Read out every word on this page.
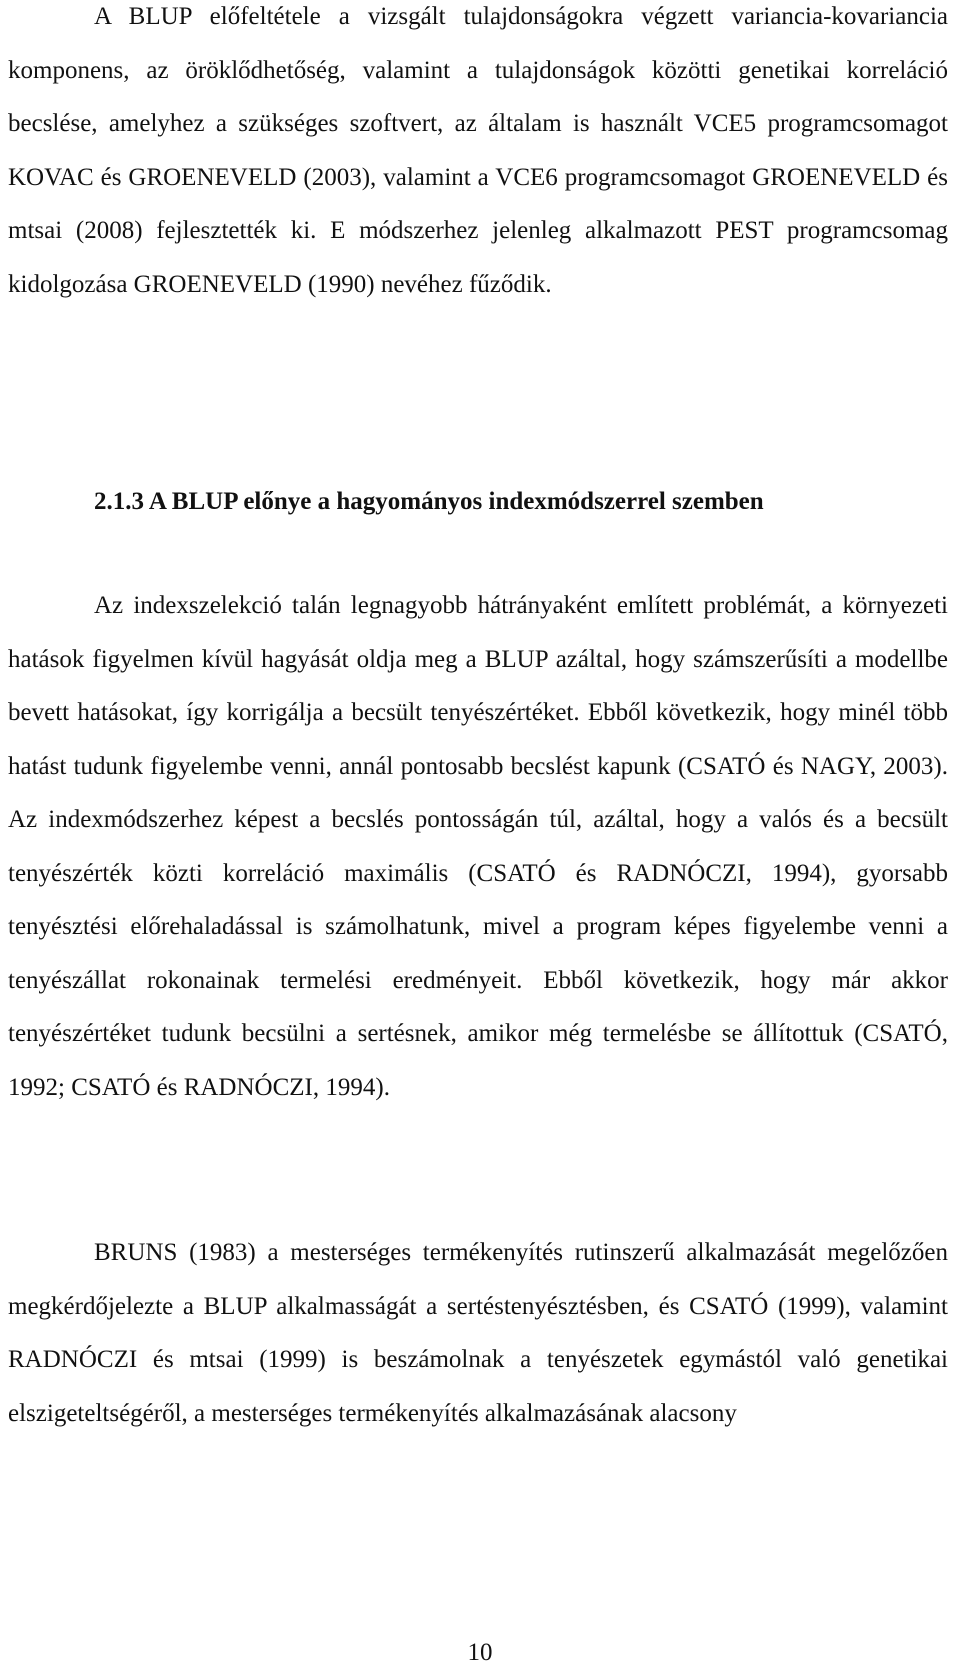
A BLUP előfeltétele a vizsgált tulajdonságokra végzett variancia-kovariancia komponens, az öröklődhetőség, valamint a tulajdonságok közötti genetikai korreláció becslése, amelyhez a szükséges szoftvert, az általam is használt VCE5 programcsomagot KOVAC és GROENEVELD (2003), valamint a VCE6 programcsomagot GROENEVELD és mtsai (2008) fejlesztették ki. E módszerhez jelenleg alkalmazott PEST programcsomag kidolgozása GROENEVELD (1990) nevéhez fűződik.

2.1.3 A BLUP előnye a hagyományos indexmódszerrel szemben

Az indexszelekció talán legnagyobb hátrányaként említett problémát, a környezeti hatások figyelmen kívül hagyását oldja meg a BLUP azáltal, hogy számszerűsíti a modellbe bevett hatásokat, így korrigálja a becsült tenyészértéket. Ebből következik, hogy minél több hatást tudunk figyelembe venni, annál pontosabb becslést kapunk (CSATÓ és NAGY, 2003). Az indexmódszerhez képest a becslés pontosságán túl, azáltal, hogy a valós és a becsült tenyészérték közti korreláció maximális (CSATÓ és RADNÓCZI, 1994), gyorsabb tenyésztési előrehaladással is számolhatunk, mivel a program képes figyelembe venni a tenyészállat rokonainak termelési eredményeit. Ebből következik, hogy már akkor tenyészértéket tudunk becsülni a sertésnek, amikor még termelésbe se állítottuk (CSATÓ, 1992; CSATÓ és RADNÓCZI, 1994).

BRUNS (1983) a mesterséges termékenyítés rutinszerű alkalmazását megelőzően megkérdőjelezte a BLUP alkalmasságát a sertéstenyésztésben, és CSATÓ (1999), valamint RADNÓCZI és mtsai (1999) is beszámolnak a tenyészetek egymástól való genetikai elszigeteltségéről, a mesterséges termékenyítés alkalmazásának alacsony

10
